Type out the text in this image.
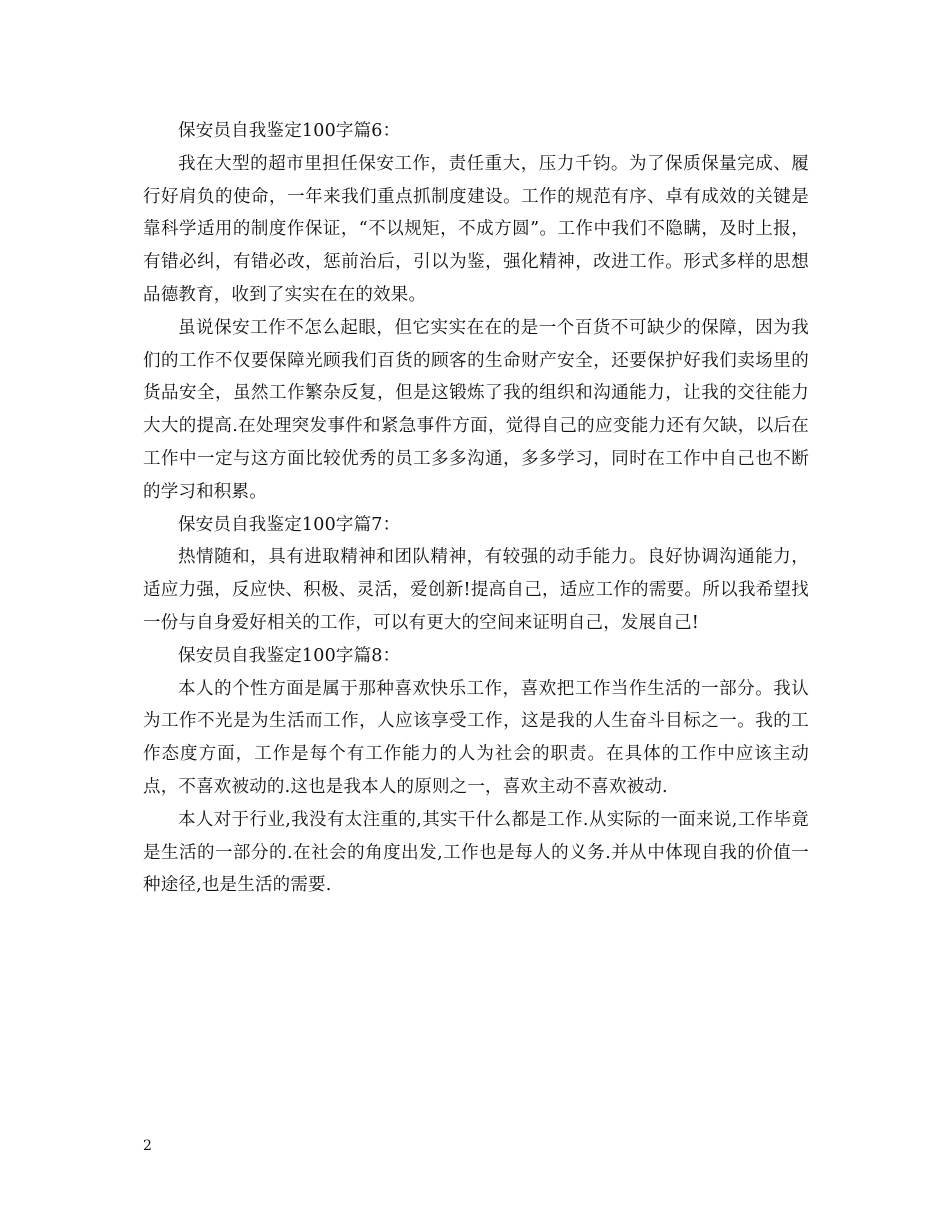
保安员自我鉴定100字篇6：

我在大型的超市里担任保安工作，责任重大，压力千钧。为了保质保量完成、履行好肩负的使命，一年来我们重点抓制度建设。工作的规范有序、卓有成效的关键是靠科学适用的制度作保证，“不以规矩，不成方圆”。工作中我们不隐瞒，及时上报，有错必纠，有错必改，惩前治后，引以为鉴，强化精神，改进工作。形式多样的思想品德教育，收到了实实在在的效果。

虽说保安工作不怎么起眼，但它实实在在的是一个百货不可缺少的保障，因为我们的工作不仅要保障光顾我们百货的顾客的生命财产安全，还要保护好我们卖场里的货品安全，虽然工作繁杂反复，但是这锻炼了我的组织和沟通能力，让我的交往能力大大的提高.在处理突发事件和紧急事件方面，觉得自己的应变能力还有欠缺，以后在工作中一定与这方面比较优秀的员工多多沟通，多多学习，同时在工作中自己也不断的学习和积累。

保安员自我鉴定100字篇7：

热情随和，具有进取精神和团队精神，有较强的动手能力。良好协调沟通能力，适应力强，反应快、积极、灵活，爱创新!提高自己，适应工作的需要。所以我希望找一份与自身爱好相关的工作，可以有更大的空间来证明自己，发展自己!

保安员自我鉴定100字篇8：

本人的个性方面是属于那种喜欢快乐工作，喜欢把工作当作生活的一部分。我认为工作不光是为生活而工作，人应该享受工作，这是我的人生奋斗目标之一。我的工作态度方面，工作是每个有工作能力的人为社会的职责。在具体的工作中应该主动点，不喜欢被动的.这也是我本人的原则之一，喜欢主动不喜欢被动.

本人对于行业,我没有太注重的,其实干什么都是工作.从实际的一面来说,工作毕竟是生活的一部分的.在社会的角度出发,工作也是每人的义务.并从中体现自我的价值一种途径,也是生活的需要.

2
